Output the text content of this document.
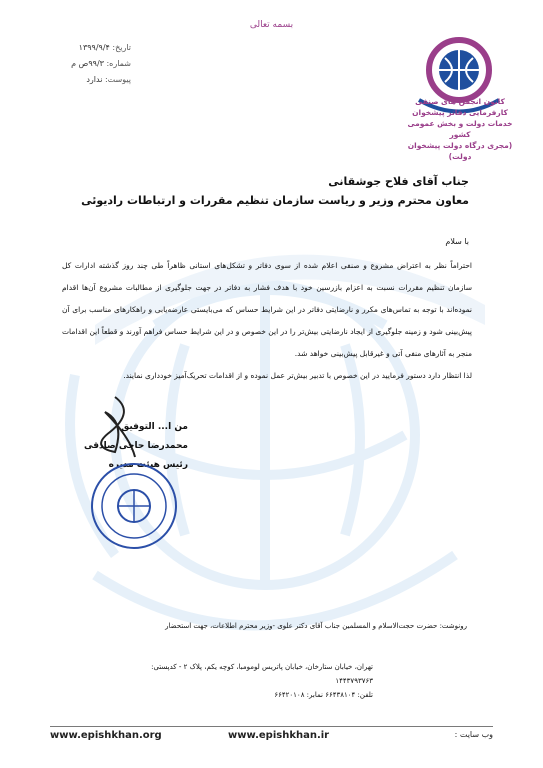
بسمه تعالی
تاریخ: ۱۳۹۹/۹/۴
شماره: ۹۹/۳ص م
پیوست: ندارد
کانون انجمن های صنفی کارفرمایی دفاتر پیشخوان
خدمات دولت و بخش عمومی کشور
(مجری درگاه دولت پیشخوان دولت)
جناب آقای فلاح جوشقانی
معاون محترم وزیر و ریاست سازمان تنظیم مقررات و ارتباطات رادیوئی
با سلام
احتراماً نظر به اعتراض مشروع و صنفی اعلام شده از سوی دفاتر و تشکل‌های استانی ظاهراً طی چند روز گذشته ادارات کل سازمان تنظیم مقررات نسبت به اعزام بازرسین خود با هدف فشار به دفاتر در جهت جلوگیری از مطالبات مشروع آن‌ها اقدام نموده‌اند با توجه به تماس‌های مکرر و نارضایتی دفاتر در این شرایط حساس که می‌بایستی عارضه‌یابی و راهکارهای مناسب برای آن پیش‌بینی شود و زمینه جلوگیری از ایجاد نارضایتی بیش‌تر را در این خصوص و در این شرایط حساس فراهم آورند و قطعاً این اقدامات منجر به آثارهای منفی آتی و غیرقابل پیش‌بینی خواهد شد.
لذا انتظار دارد دستور فرمایید در این خصوص با تدبیر بیش‌تر عمل نموده و از اقدامات تحریک‌آمیز خودداری نمایند.
من ا... التوفیق
محمدرضا حاجی صادقی
رئیس هیئت مدیره
رونوشت: حضرت حجت‌الاسلام و المسلمین جناب آقای دکتر علوی -وزیر محترم اطلاعات، جهت استحضار
تهران، خیابان ستارخان، خیابان پاتریس لومومبا، کوچه یکم، پلاک ۲ - کدپستی: ۱۴۴۳۷۹۳۷۶۳
تلفن: ۶۶۴۳۸۱۰۴ نمابر: ۶۶۴۲۰۱۰۸
www.epishkhan.org	www.epishkhan.ir	وب سایت :
